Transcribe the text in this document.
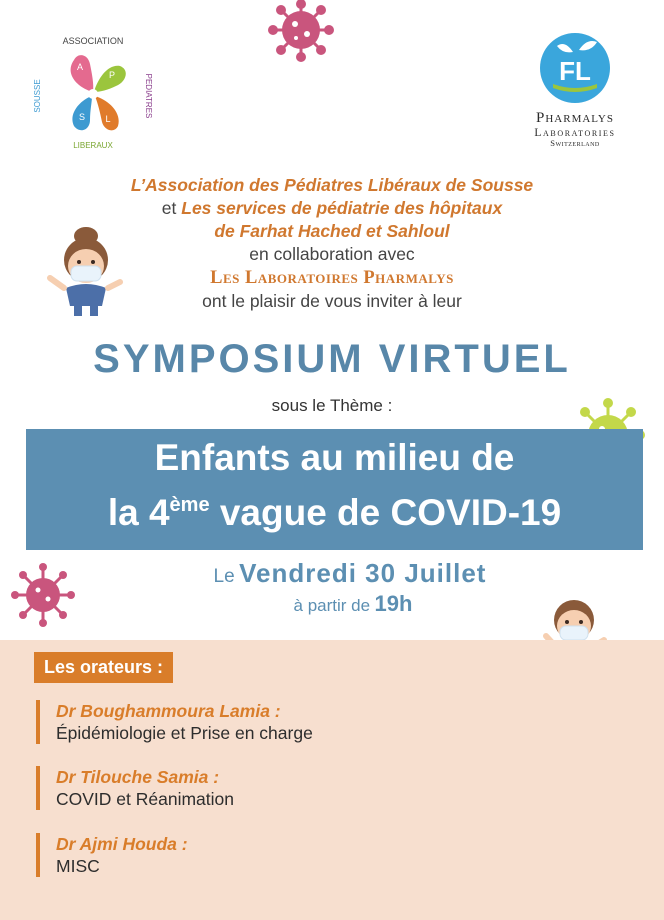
A
P
S L
ASSOCIATION
SOUSSE	PEDIATRES
LIBERAUX
FL
Pharmalys
Laboratories
Switzerland
L’Association des Pédiatres Libéraux de Sousse
et Les services de pédiatrie des hôpitaux
de Farhat Hached et Sahloul
en collaboration avec
Les Laboratoires Pharmalys
ont le plaisir de vous inviter à leur
SYMPOSIUM VIRTUEL
sous le Thème :
Enfants au milieu de
la 4ème vague de COVID-19
Le Vendredi 30 Juillet
à partir de 19h
Les orateurs :
Dr Boughammoura Lamia :
Épidémiologie et Prise en charge
Dr Tilouche Samia :
COVID et Réanimation
Dr Ajmi Houda :
MISC
